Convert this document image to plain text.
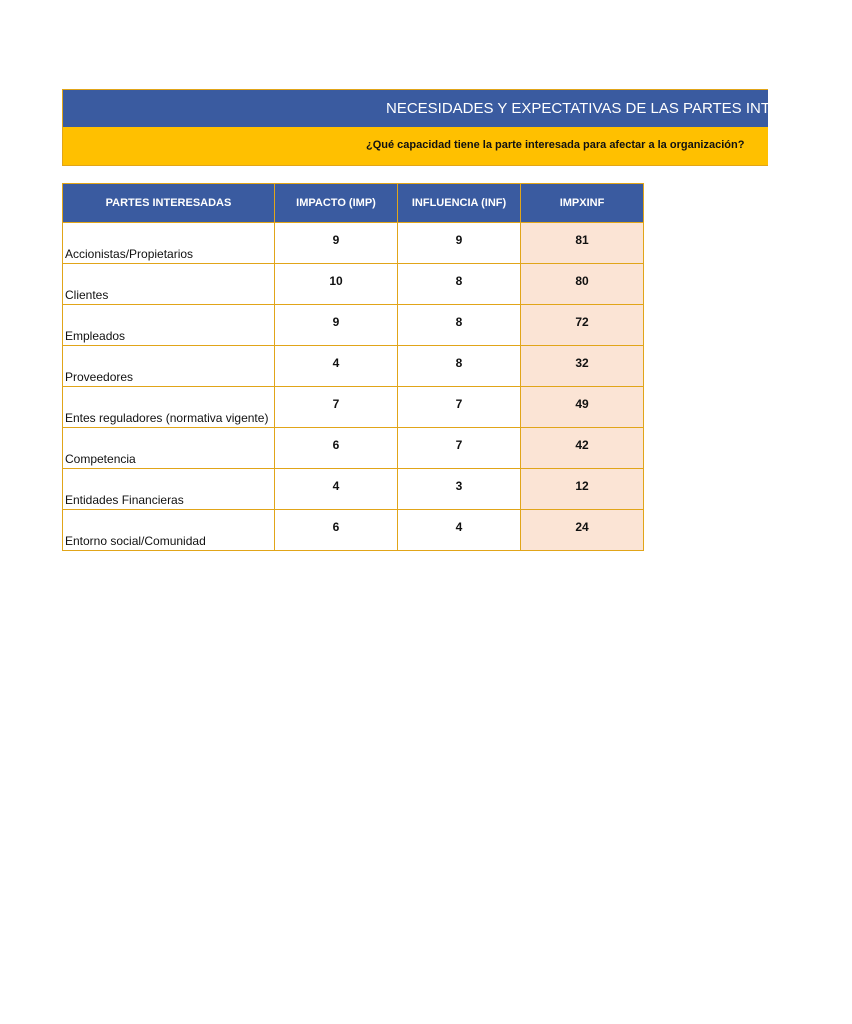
NECESIDADES Y EXPECTATIVAS DE LAS PARTES INTERESADAS
¿Qué capacidad tiene la parte interesada para afectar a la organización?
PARTES INTERESADAS	IMPACTO (IMP)	INFLUENCIA (INF)	IMPXINF
Accionistas/Propietarios	9	9	81
Clientes	10	8	80
Empleados	9	8	72
Proveedores	4	8	32
Entes reguladores (normativa vigente)	7	7	49
Competencia	6	7	42
Entidades Financieras	4	3	12
Entorno social/Comunidad	6	4	24
